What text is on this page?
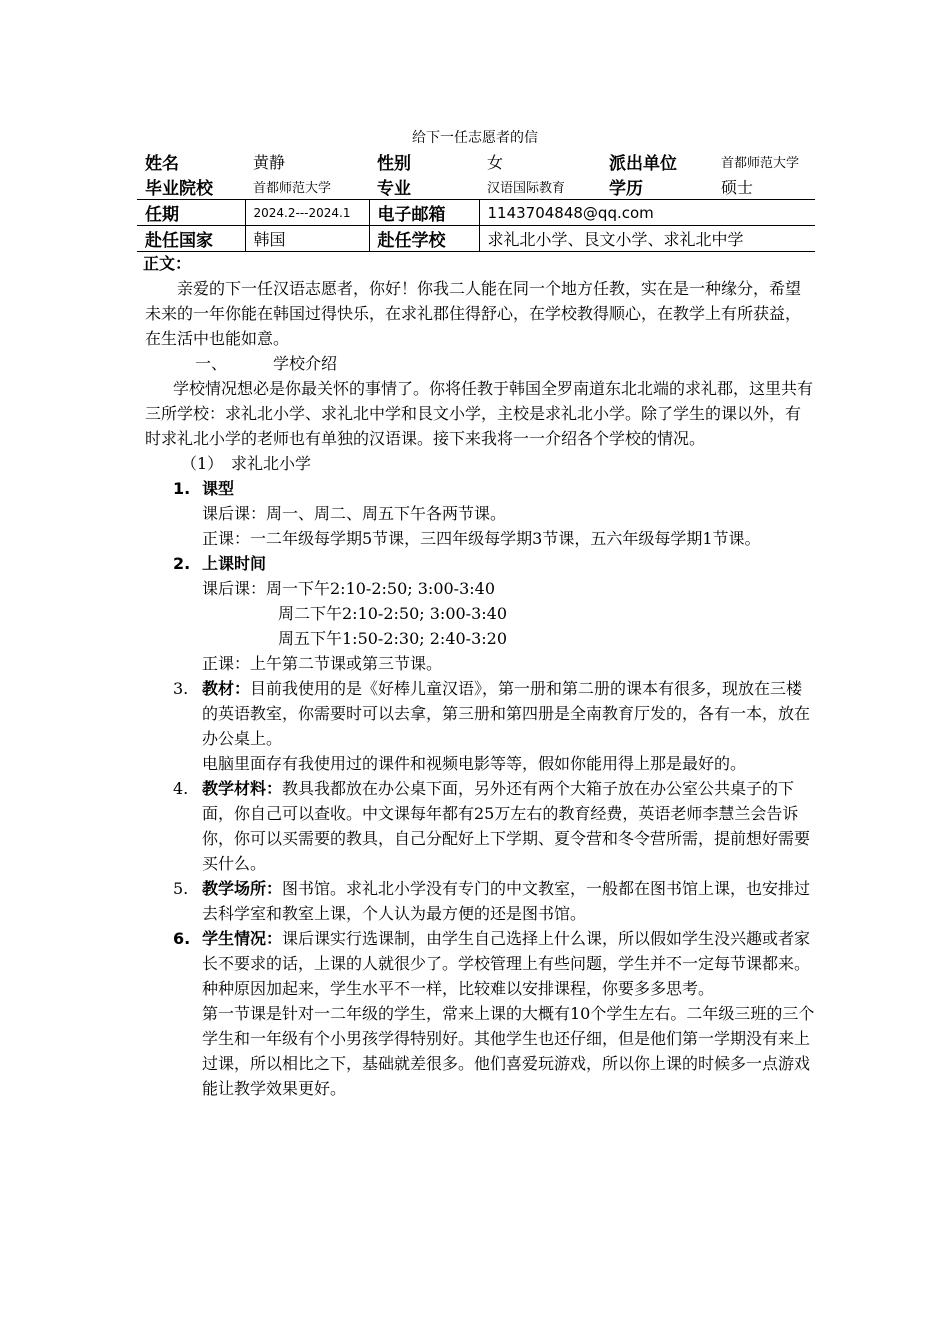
给下一任志愿者的信
姓名	黄静	性别	女	派出单位	首都师范大学
毕业院校	首都师范大学	专业	汉语国际教育	学历	硕士
任期	2024.2---2024.1	电子邮箱	1143704848@qq.com		
赴任国家	韩国	赴任学校	求礼北小学、艮文小学、求礼北中学		

正文：

亲爱的下一任汉语志愿者，你好！你我二人能在同一个地方任教，实在是一种缘分，希望未来的一年你能在韩国过得快乐，在求礼郡住得舒心，在学校教得顺心，在教学上有所获益，在生活中也能如意。

一、	学校介绍

学校情况想必是你最关怀的事情了。你将任教于韩国全罗南道东北北端的求礼郡，这里共有三所学校：求礼北小学、求礼北中学和艮文小学，主校是求礼北小学。除了学生的课以外，有时求礼北小学的老师也有单独的汉语课。接下来我将一一介绍各个学校的情况。

（1） 求礼北小学

1. 课型

课后课：周一、周二、周五下午各两节课。

正课：一二年级每学期5节课，三四年级每学期3节课，五六年级每学期1节课。

2. 上课时间

课后课：周一下午2:10-2:50; 3:00-3:40

周二下午2:10-2:50; 3:00-3:40

周五下午1:50-2:30; 2:40-3:20

正课：上午第二节课或第三节课。

3. 教材：目前我使用的是《好棒儿童汉语》，第一册和第二册的课本有很多，现放在三楼的英语教室，你需要时可以去拿，第三册和第四册是全南教育厅发的，各有一本，放在办公桌上。

电脑里面存有我使用过的课件和视频电影等等，假如你能用得上那是最好的。

4. 教学材料：教具我都放在办公桌下面，另外还有两个大箱子放在办公室公共桌子的下面，你自己可以查收。中文课每年都有25万左右的教育经费，英语老师李慧兰会告诉你，你可以买需要的教具，自己分配好上下学期、夏令营和冬令营所需，提前想好需要买什么。
5. 教学场所：图书馆。求礼北小学没有专门的中文教室，一般都在图书馆上课，也安排过去科学室和教室上课，个人认为最方便的还是图书馆。
6. 学生情况：课后课实行选课制，由学生自己选择上什么课，所以假如学生没兴趣或者家长不要求的话，上课的人就很少了。学校管理上有些问题，学生并不一定每节课都来。种种原因加起来，学生水平不一样，比较难以安排课程，你要多多思考。

第一节课是针对一二年级的学生，常来上课的大概有10个学生左右。二年级三班的三个学生和一年级有个小男孩学得特别好。其他学生也还仔细，但是他们第一学期没有来上过课，所以相比之下，基础就差很多。他们喜爱玩游戏，所以你上课的时候多一点游戏能让教学效果更好。
